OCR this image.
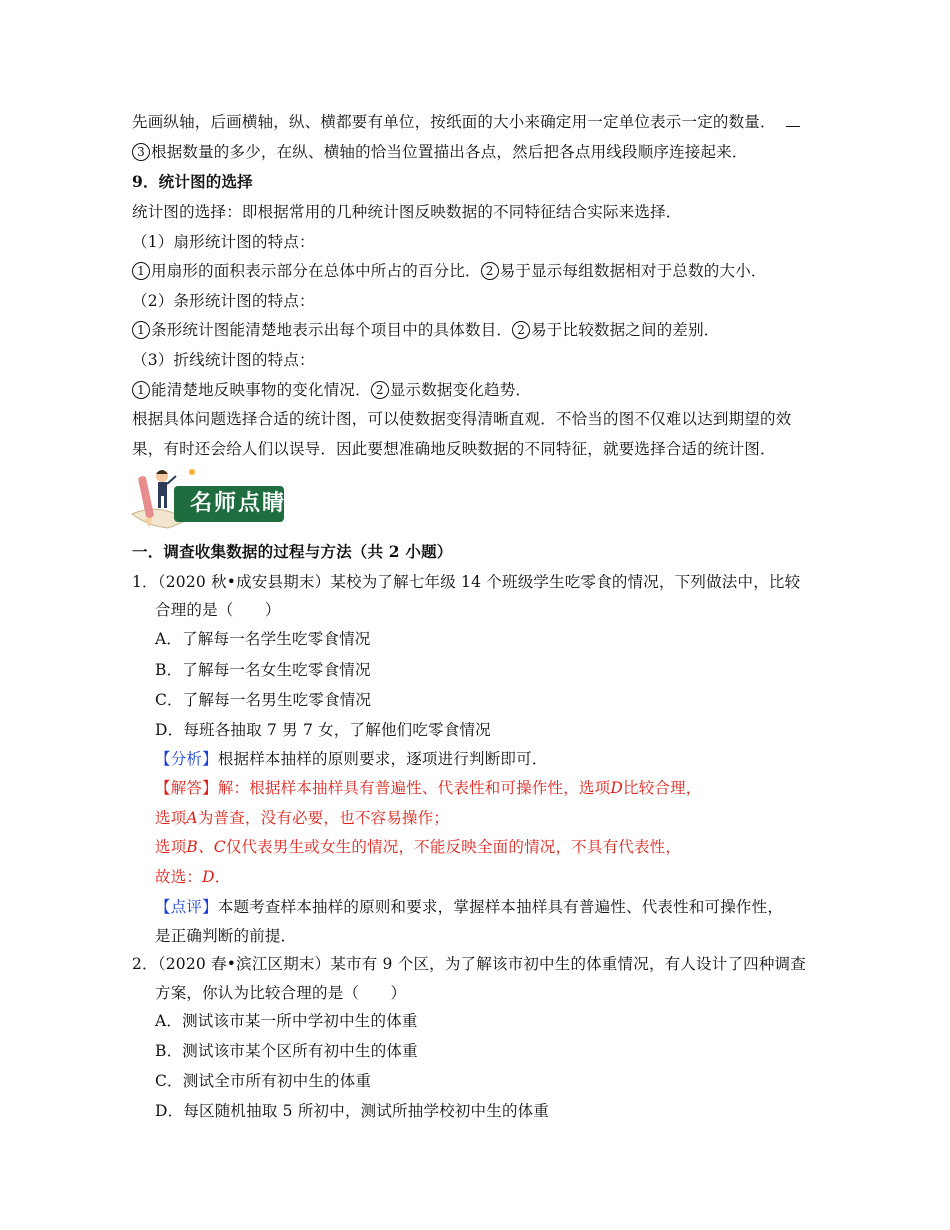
先画纵轴，后画横轴，纵、横都要有单位，按纸面的大小来确定用一定单位表示一定的数量．
3 根据数量的多少，在纵、横轴的恰当位置描出各点，然后把各点用线段顺序连接起来．
9．统计图的选择
统计图的选择：即根据常用的几种统计图反映数据的不同特征结合实际来选择．
（1）扇形统计图的特点：
1 用扇形的面积表示部分在总体中所占的百分比． 2 易于显示每组数据相对于总数的大小．
（2）条形统计图的特点：
1 条形统计图能清楚地表示出每个项目中的具体数目． 2 易于比较数据之间的差别．
（3）折线统计图的特点：
1 能清楚地反映事物的变化情况． 2 显示数据变化趋势．
根据具体问题选择合适的统计图，可以使数据变得清晰直观．不恰当的图不仅难以达到期望的效
果，有时还会给人们以误导．因此要想准确地反映数据的不同特征，就要选择合适的统计图．
名师点睛
一．调查收集数据的过程与方法（共 2 小题）
1．（2020 秋•成安县期末）某校为了解七年级 14 个班级学生吃零食的情况，下列做法中，比较
合理的是（　　）
A．了解每一名学生吃零食情况
B．了解每一名女生吃零食情况
C．了解每一名男生吃零食情况
D．每班各抽取 7 男 7 女，了解他们吃零食情况
【分析】根据样本抽样的原则要求，逐项进行判断即可．
【解答】解：根据样本抽样具有普遍性、代表性和可操作性，选项D比较合理，
选项A为普查，没有必要，也不容易操作；
选项B、C仅代表男生或女生的情况，不能反映全面的情况，不具有代表性，
故选：D．
【点评】本题考查样本抽样的原则和要求，掌握样本抽样具有普遍性、代表性和可操作性，
是正确判断的前提．
2．（2020 春•滨江区期末）某市有 9 个区，为了解该市初中生的体重情况，有人设计了四种调查
方案，你认为比较合理的是（　　）
A．测试该市某一所中学初中生的体重
B．测试该市某个区所有初中生的体重
C．测试全市所有初中生的体重
D．每区随机抽取 5 所初中，测试所抽学校初中生的体重
